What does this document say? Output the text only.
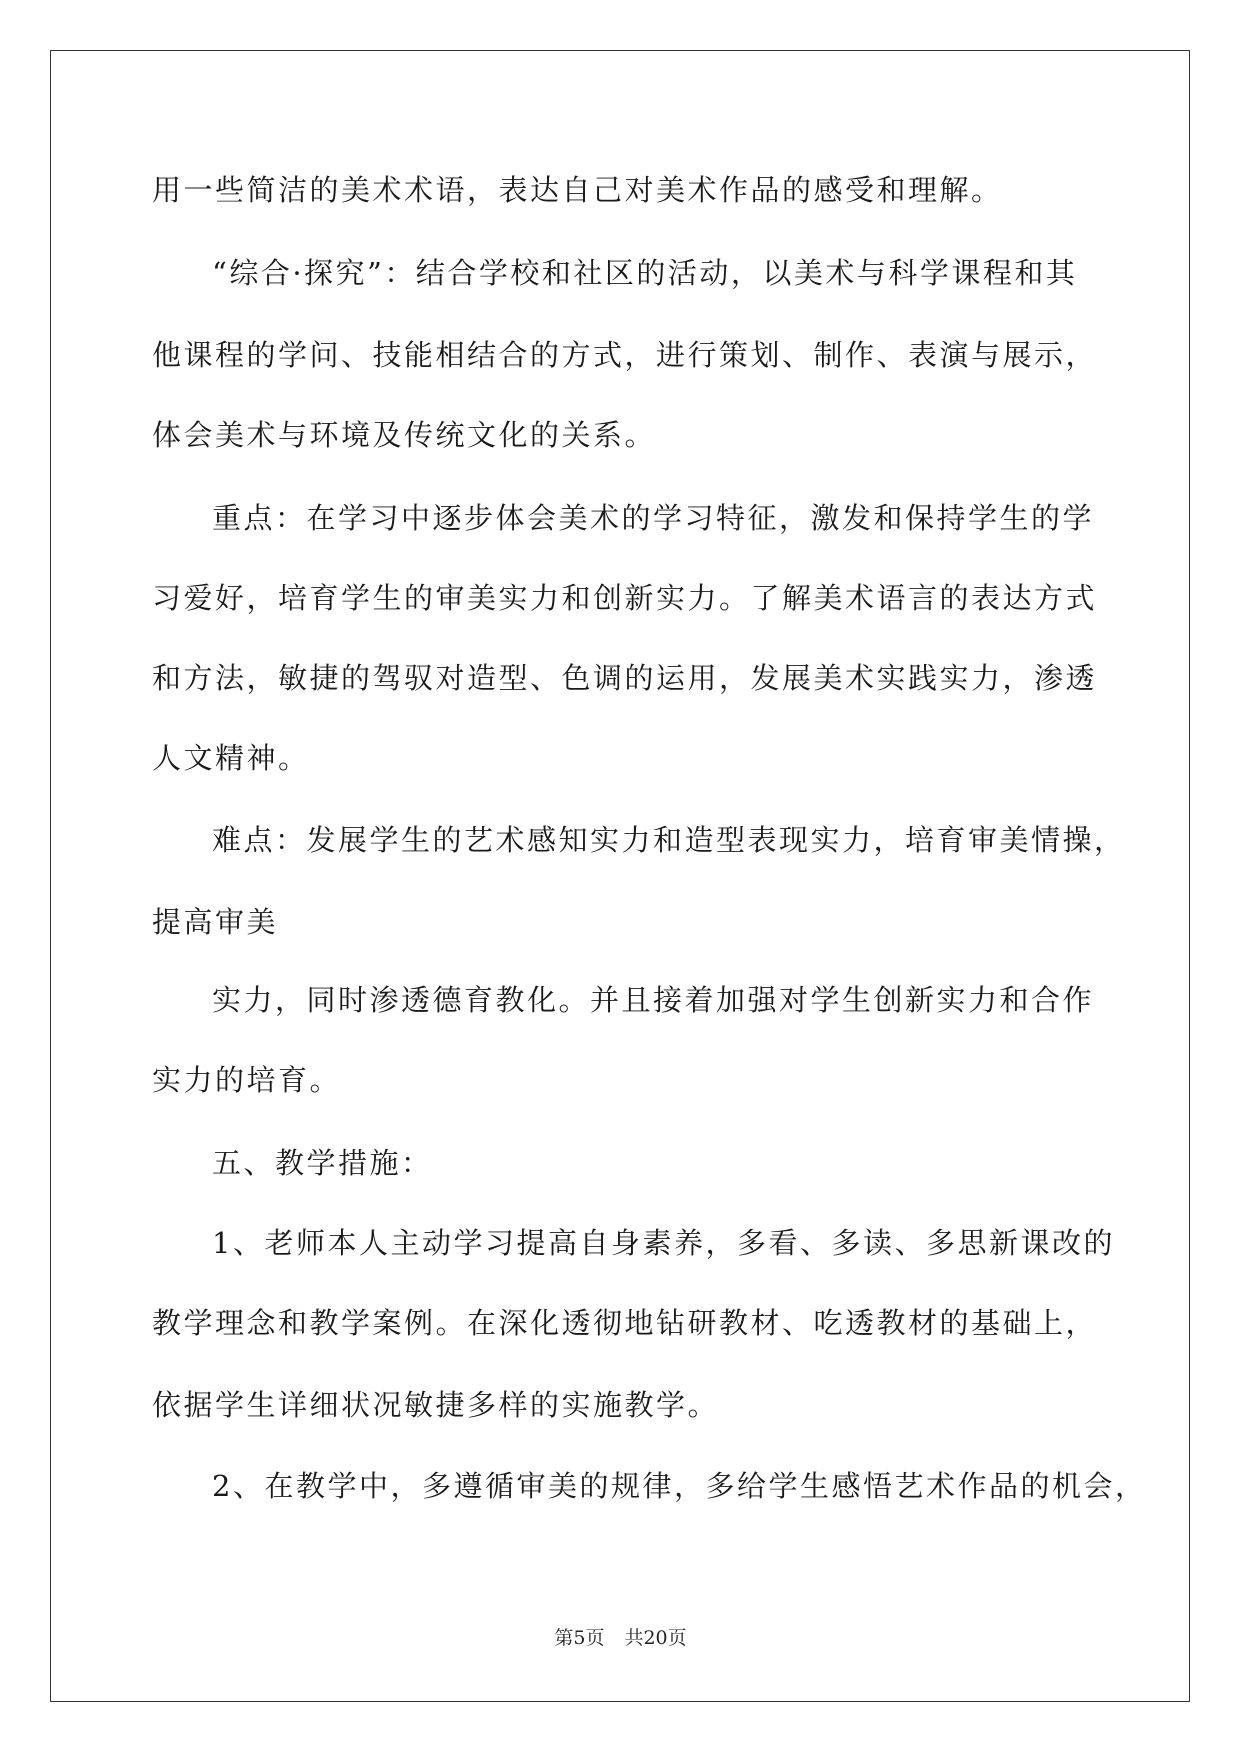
用一些简洁的美术术语，表达自己对美术作品的感受和理解。
“综合·探究”：结合学校和社区的活动，以美术与科学课程和其
他课程的学问、技能相结合的方式，进行策划、制作、表演与展示，
体会美术与环境及传统文化的关系。
重点：在学习中逐步体会美术的学习特征，激发和保持学生的学
习爱好，培育学生的审美实力和创新实力。了解美术语言的表达方式
和方法，敏捷的驾驭对造型、色调的运用，发展美术实践实力，渗透
人文精神。
难点：发展学生的艺术感知实力和造型表现实力，培育审美情操，
提高审美
实力，同时渗透德育教化。并且接着加强对学生创新实力和合作
实力的培育。
五、教学措施：
1、老师本人主动学习提高自身素养，多看、多读、多思新课改的
教学理念和教学案例。在深化透彻地钻研教材、吃透教材的基础上，
依据学生详细状况敏捷多样的实施教学。
2、在教学中，多遵循审美的规律，多给学生感悟艺术作品的机会，
第5页 共20页
